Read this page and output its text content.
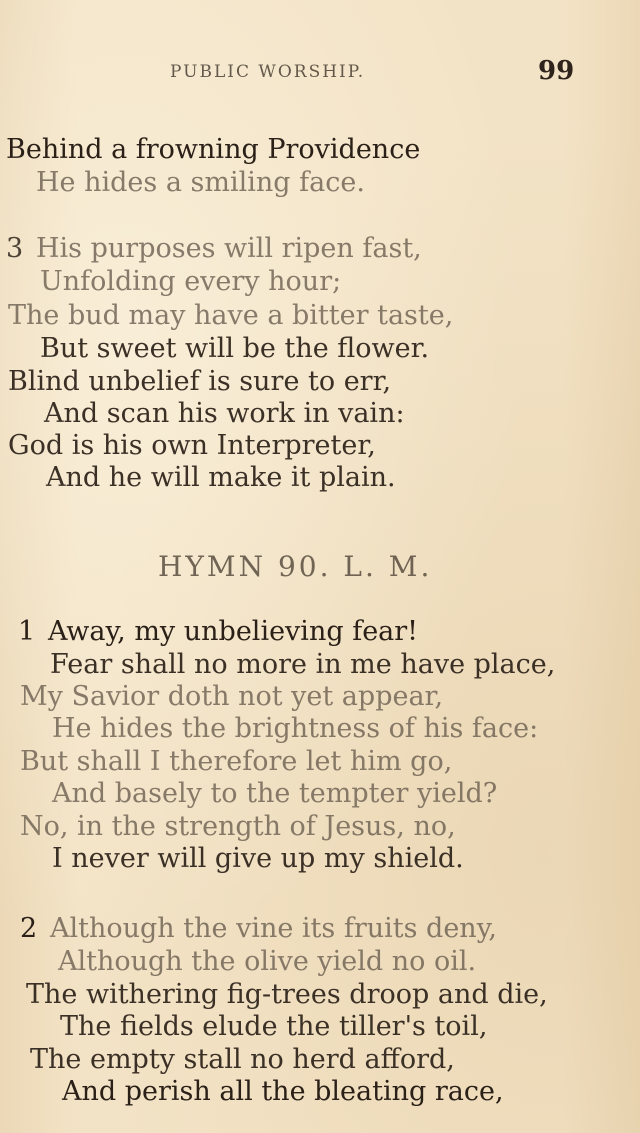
PUBLIC WORSHIP.	99
Behind a frowning Providence
He hides a smiling face.
3 His purposes will ripen fast,
Unfolding every hour;
The bud may have a bitter taste,
But sweet will be the flower.
Blind unbelief is sure to err,
And scan his work in vain:
God is his own Interpreter,
And he will make it plain.
HYMN 90. L. M.
1 Away, my unbelieving fear!
Fear shall no more in me have place,
My Savior doth not yet appear,
He hides the brightness of his face:
But shall I therefore let him go,
And basely to the tempter yield?
No, in the strength of Jesus, no,
I never will give up my shield.
2 Although the vine its fruits deny,
Although the olive yield no oil.
The withering fig-trees droop and die,
The fields elude the tiller's toil,
The empty stall no herd afford,
And perish all the bleating race,
